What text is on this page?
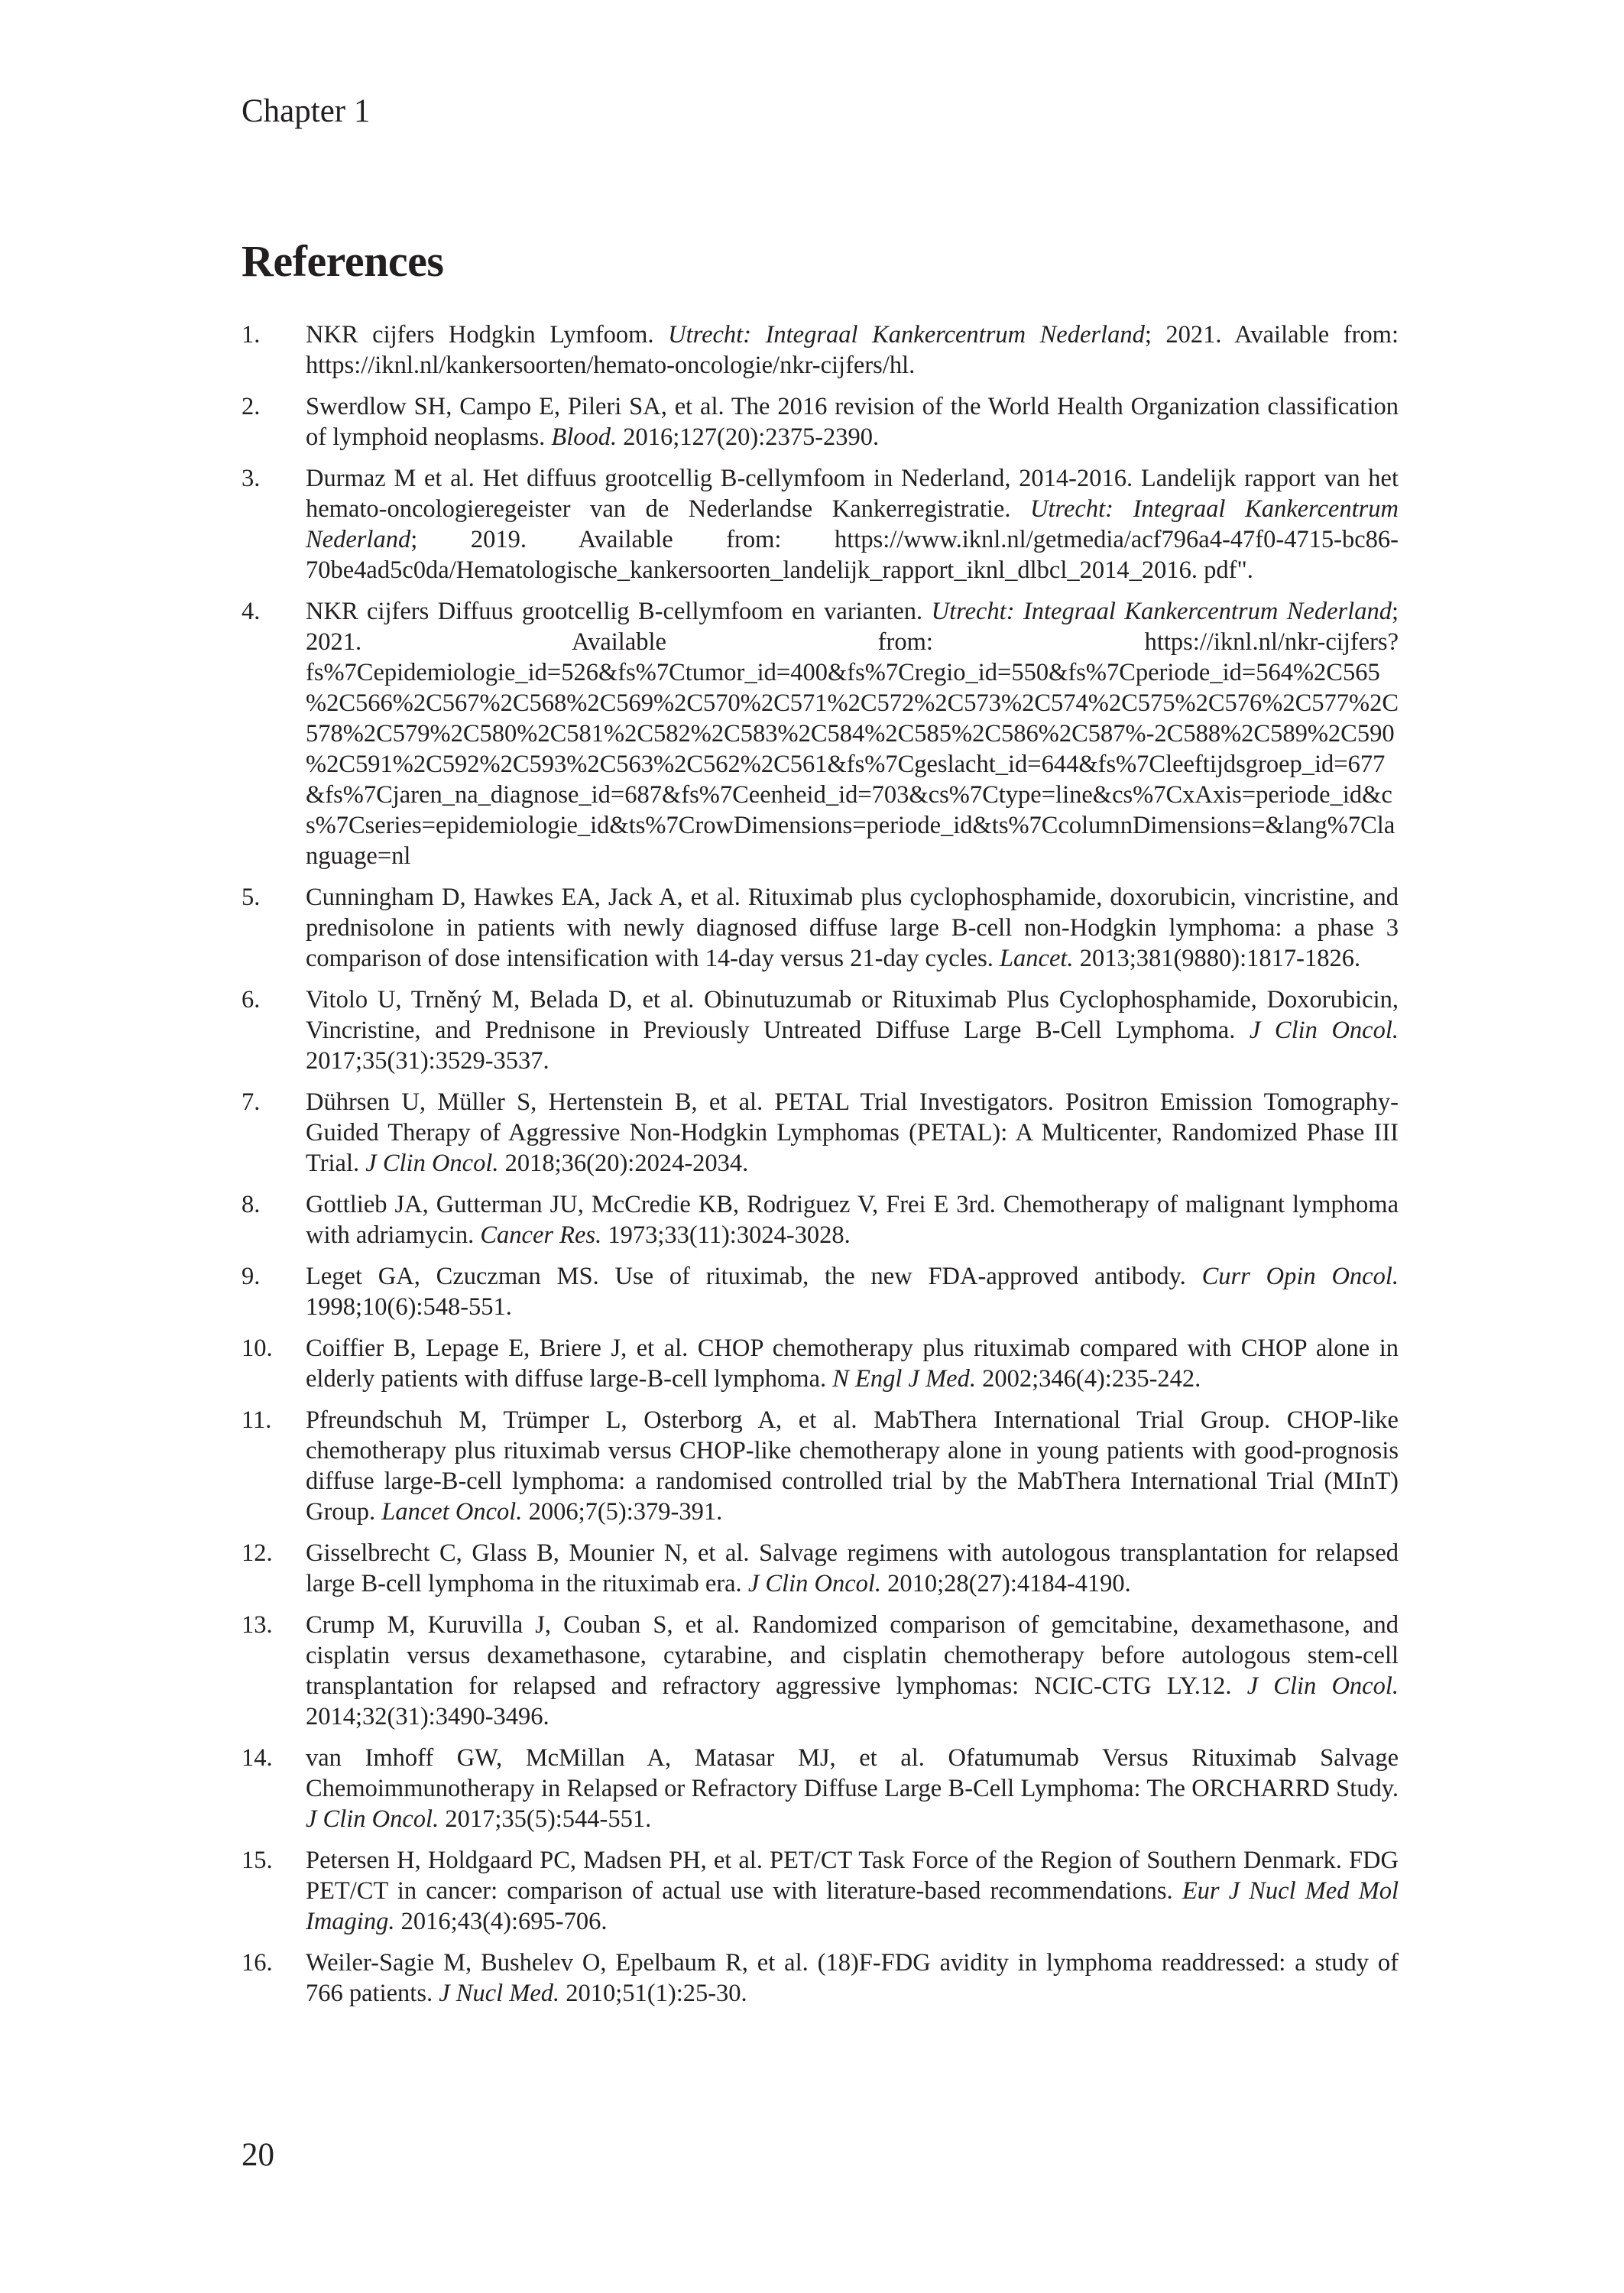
Chapter 1

References
1. NKR cijfers Hodgkin Lymfoom. Utrecht: Integraal Kankercentrum Nederland; 2021. Available from: https://iknl.nl/kankersoorten/hemato-oncologie/nkr-cijfers/hl.
2. Swerdlow SH, Campo E, Pileri SA, et al. The 2016 revision of the World Health Organization classification of lymphoid neoplasms. Blood. 2016;127(20):2375-2390.
3. Durmaz M et al. Het diffuus grootcellig B-cellymfoom in Nederland, 2014-2016. Landelijk rapport van het hemato-oncologieregeister van de Nederlandse Kankerregistratie. Utrecht: Integraal Kankercentrum Nederland; 2019. Available from: https://www.iknl.nl/getmedia/acf796a4-47f0-4715-bc86-70be4ad5c0da/Hematologische_kankersoorten_landelijk_rapport_iknl_dlbcl_2014_2016. pdf".
4. NKR cijfers Diffuus grootcellig B-cellymfoom en varianten. Utrecht: Integraal Kankercentrum Nederland; 2021. Available from: https://iknl.nl/nkr-cijfers?fs%7Cepidemiologie_id=526&fs%7Ctumor_id=400&fs%7Cregio_id=550&fs%7Cperiode_id=564%2C565%2C566%2C567%2C568%2C569%2C570%2C571%2C572%2C573%2C574%2C575%2C576%2C577%2C578%2C579%2C580%2C581%2C582%2C583%2C584%2C585%2C586%2C587%-2C588%2C589%2C590%2C591%2C592%2C593%2C563%2C562%2C561&fs%7Cgeslacht_id=644&fs%7Cleeftijdsgroep_id=677&fs%7Cjaren_na_diagnose_id=687&fs%7Ceenheid_id=703&cs%7Ctype=line&cs%7CxAxis=periode_id&cs%7Cseries=epidemiologie_id&ts%7CrowDimensions=periode_id&ts%7CcolumnDimensions=&lang%7Clanguage=nl
5. Cunningham D, Hawkes EA, Jack A, et al. Rituximab plus cyclophosphamide, doxorubicin, vincristine, and prednisolone in patients with newly diagnosed diffuse large B-cell non-Hodgkin lymphoma: a phase 3 comparison of dose intensification with 14-day versus 21-day cycles. Lancet. 2013;381(9880):1817-1826.
6. Vitolo U, Trněný M, Belada D, et al. Obinutuzumab or Rituximab Plus Cyclophosphamide, Doxorubicin, Vincristine, and Prednisone in Previously Untreated Diffuse Large B-Cell Lymphoma. J Clin Oncol. 2017;35(31):3529-3537.
7. Dührsen U, Müller S, Hertenstein B, et al. PETAL Trial Investigators. Positron Emission Tomography-Guided Therapy of Aggressive Non-Hodgkin Lymphomas (PETAL): A Multicenter, Randomized Phase III Trial. J Clin Oncol. 2018;36(20):2024-2034.
8. Gottlieb JA, Gutterman JU, McCredie KB, Rodriguez V, Frei E 3rd. Chemotherapy of malignant lymphoma with adriamycin. Cancer Res. 1973;33(11):3024-3028.
9. Leget GA, Czuczman MS. Use of rituximab, the new FDA-approved antibody. Curr Opin Oncol. 1998;10(6):548-551.
10. Coiffier B, Lepage E, Briere J, et al. CHOP chemotherapy plus rituximab compared with CHOP alone in elderly patients with diffuse large-B-cell lymphoma. N Engl J Med. 2002;346(4):235-242.
11. Pfreundschuh M, Trümper L, Osterborg A, et al. MabThera International Trial Group. CHOP-like chemotherapy plus rituximab versus CHOP-like chemotherapy alone in young patients with good-prognosis diffuse large-B-cell lymphoma: a randomised controlled trial by the MabThera International Trial (MInT) Group. Lancet Oncol. 2006;7(5):379-391.
12. Gisselbrecht C, Glass B, Mounier N, et al. Salvage regimens with autologous transplantation for relapsed large B-cell lymphoma in the rituximab era. J Clin Oncol. 2010;28(27):4184-4190.
13. Crump M, Kuruvilla J, Couban S, et al. Randomized comparison of gemcitabine, dexamethasone, and cisplatin versus dexamethasone, cytarabine, and cisplatin chemotherapy before autologous stem-cell transplantation for relapsed and refractory aggressive lymphomas: NCIC-CTG LY.12. J Clin Oncol. 2014;32(31):3490-3496.
14. van Imhoff GW, McMillan A, Matasar MJ, et al. Ofatumumab Versus Rituximab Salvage Chemoimmunotherapy in Relapsed or Refractory Diffuse Large B-Cell Lymphoma: The ORCHARRD Study. J Clin Oncol. 2017;35(5):544-551.
15. Petersen H, Holdgaard PC, Madsen PH, et al. PET/CT Task Force of the Region of Southern Denmark. FDG PET/CT in cancer: comparison of actual use with literature-based recommendations. Eur J Nucl Med Mol Imaging. 2016;43(4):695-706.
16. Weiler-Sagie M, Bushelev O, Epelbaum R, et al. (18)F-FDG avidity in lymphoma readdressed: a study of 766 patients. J Nucl Med. 2010;51(1):25-30.

20
